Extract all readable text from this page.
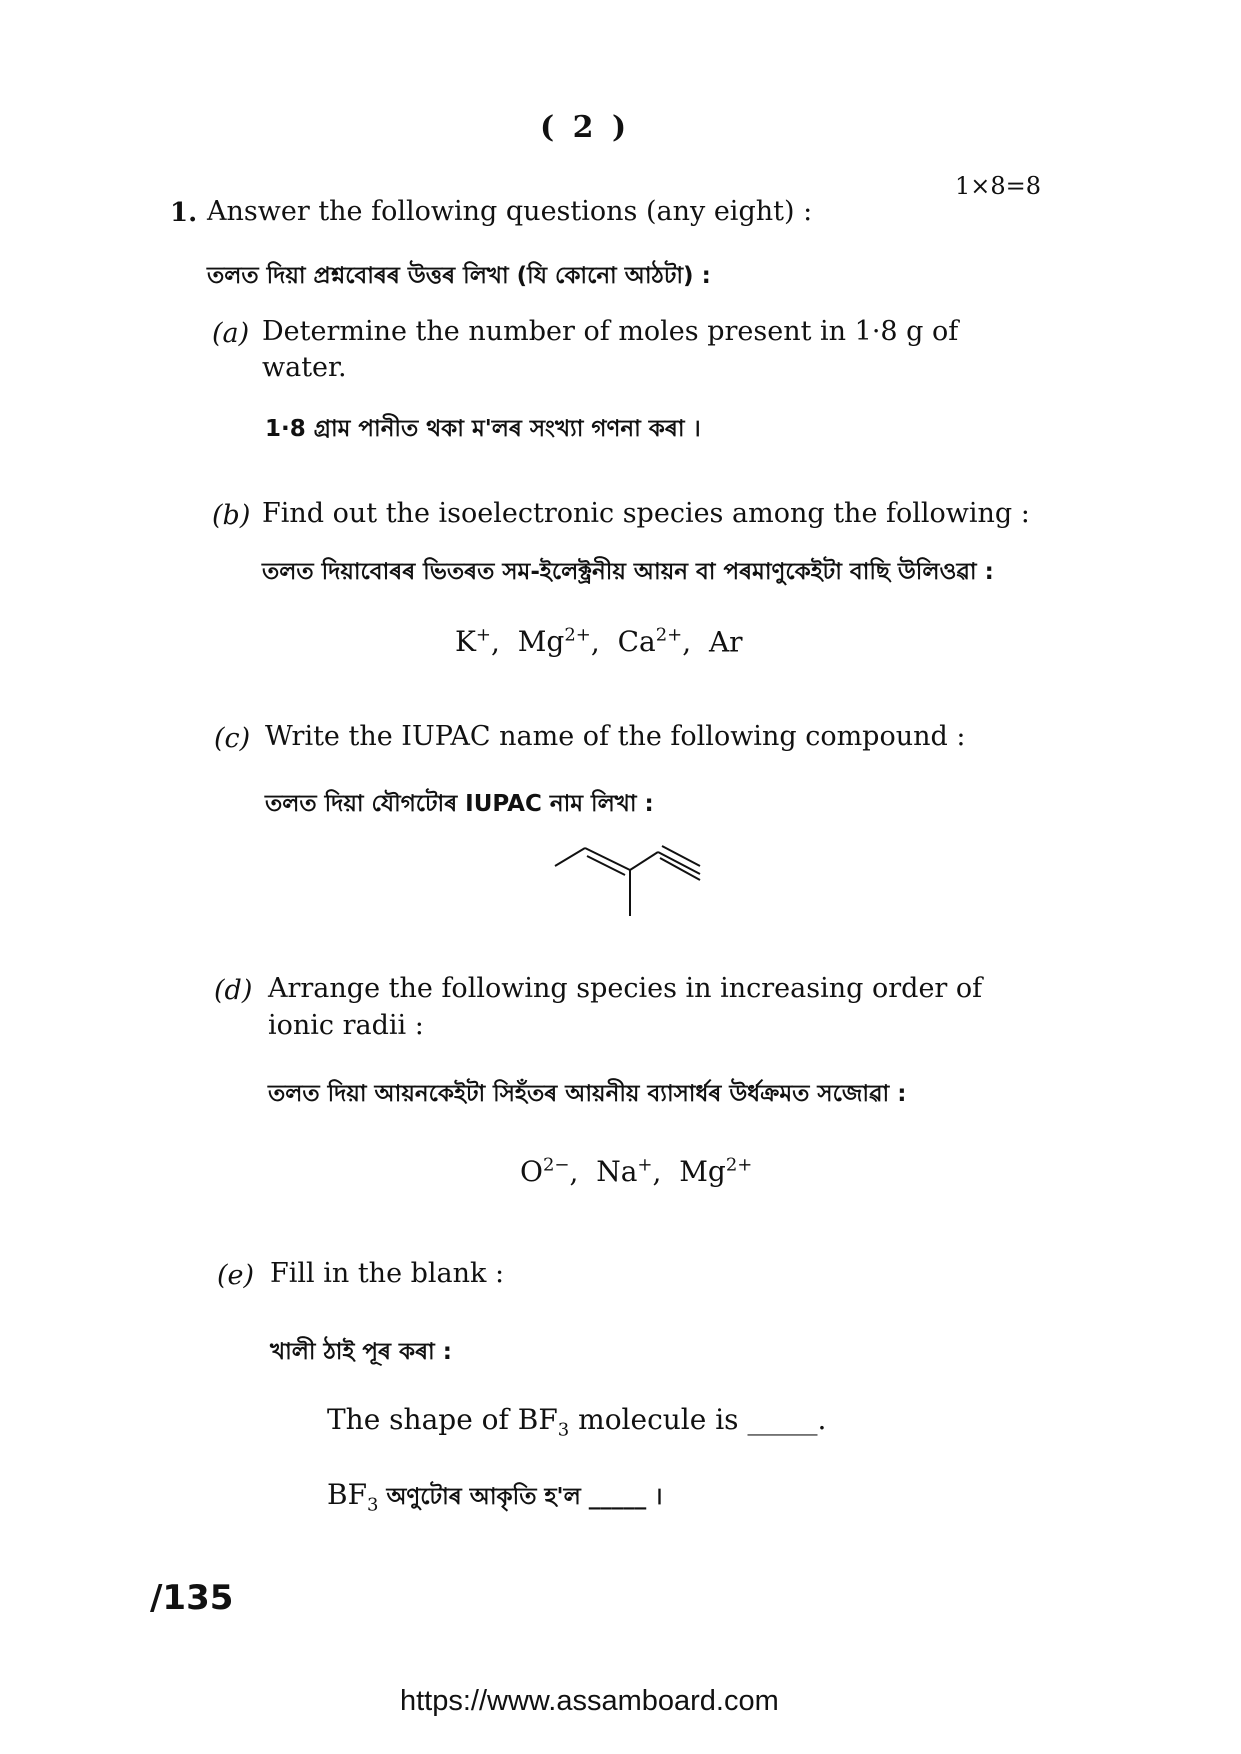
( 2 )
1×8=8
1. Answer the following questions (any eight) :
তলত দিয়া প্ৰশ্নবোৰৰ উত্তৰ লিখা (যি কোনো আঠটা) :
(a) Determine the number of moles present in 1·8 g of
water.
1·8 গ্ৰাম পানীত থকা ম'লৰ সংখ্যা গণনা কৰা ।
(b) Find out the isoelectronic species among the following :
তলত দিয়াবোৰৰ ভিতৰত সম-ইলেক্ট্ৰনীয় আয়ন বা পৰমাণুকেইটা বাছি উলিওৱা :
K+,  $Mg^{2+}$,  $Ca^{2+}$,  Ar
(c) Write the IUPAC name of the following compound :
তলত দিয়া যৌগটোৰ IUPAC নাম লিখা :
(d) Arrange the following species in increasing order of
ionic radii :
তলত দিয়া আয়নকেইটা সিহঁতৰ আয়নীয় ব্যাসাৰ্ধৰ উৰ্ধক্ৰমত সজোৱা :
$O^{2-}$,  Na+,  $Mg^{2+}$
(e) Fill in the blank :
খালী ঠাই পূৰ কৰা :
The shape of $BF_3$ molecule is _____.
$BF_3$ অণুটোৰ আকৃতি হ'ল _____ ।
/135
https://www.assamboard.com
